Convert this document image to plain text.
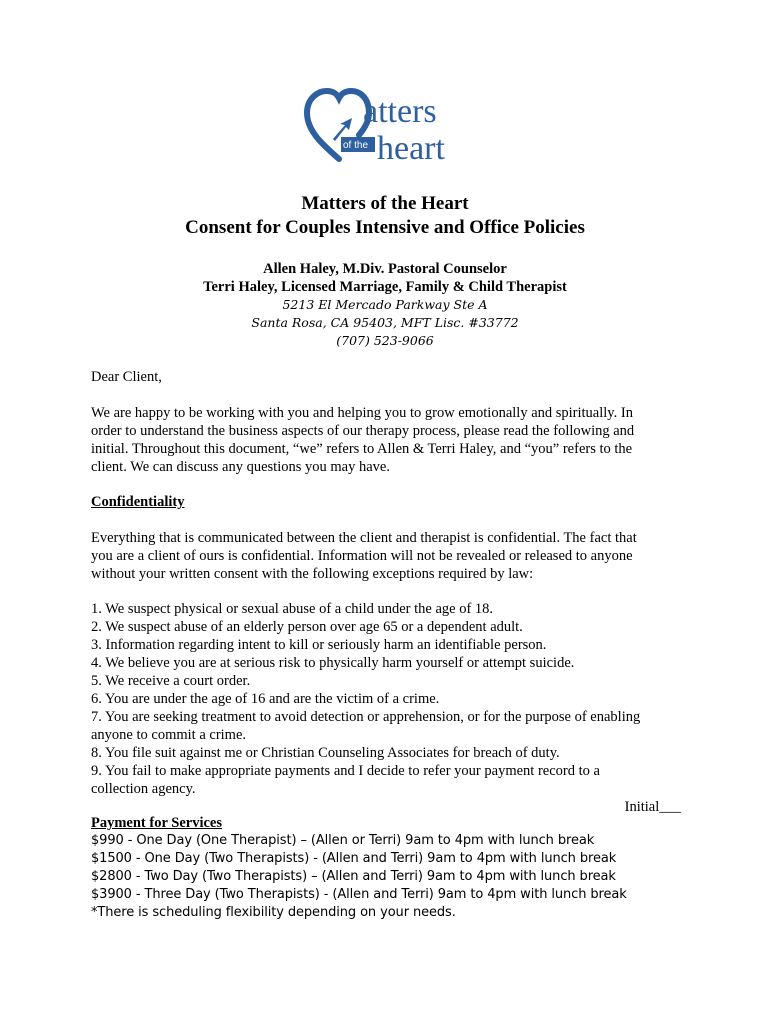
atters
of the heart
Matters of the Heart
Consent for Couples Intensive and Office Policies
Allen Haley, M.Div. Pastoral Counselor
Terri Haley, Licensed Marriage, Family & Child Therapist
5213 El Mercado Parkway Ste A
Santa Rosa, CA 95403, MFT Lisc. #33772
(707) 523-9066

Dear Client,

We are happy to be working with you and helping you to grow emotionally and spiritually. In

order to understand the business aspects of our therapy process, please read the following and

initial. Throughout this document, “we” refers to Allen & Terri Haley, and “you” refers to the

client. We can discuss any questions you may have.

Confidentiality

Everything that is communicated between the client and therapist is confidential. The fact that

you are a client of ours is confidential. Information will not be revealed or released to anyone

without your written consent with the following exceptions required by law:

1. We suspect physical or sexual abuse of a child under the age of 18.

2. We suspect abuse of an elderly person over age 65 or a dependent adult.

3. Information regarding intent to kill or seriously harm an identifiable person.

4. We believe you are at serious risk to physically harm yourself or attempt suicide.

5. We receive a court order.

6. You are under the age of 16 and are the victim of a crime.

7. You are seeking treatment to avoid detection or apprehension, or for the purpose of enabling

anyone to commit a crime.

8. You file suit against me or Christian Counseling Associates for breach of duty.

9. You fail to make appropriate payments and I decide to refer your payment record to a

collection agency.

Initial___

Payment for Services

$990 - One Day (One Therapist) – (Allen or Terri) 9am to 4pm with lunch break

$1500 - One Day (Two Therapists) - (Allen and Terri) 9am to 4pm with lunch break

$2800 - Two Day (Two Therapists) – (Allen and Terri) 9am to 4pm with lunch break

$3900 - Three Day (Two Therapists) - (Allen and Terri) 9am to 4pm with lunch break

*There is scheduling flexibility depending on your needs.
